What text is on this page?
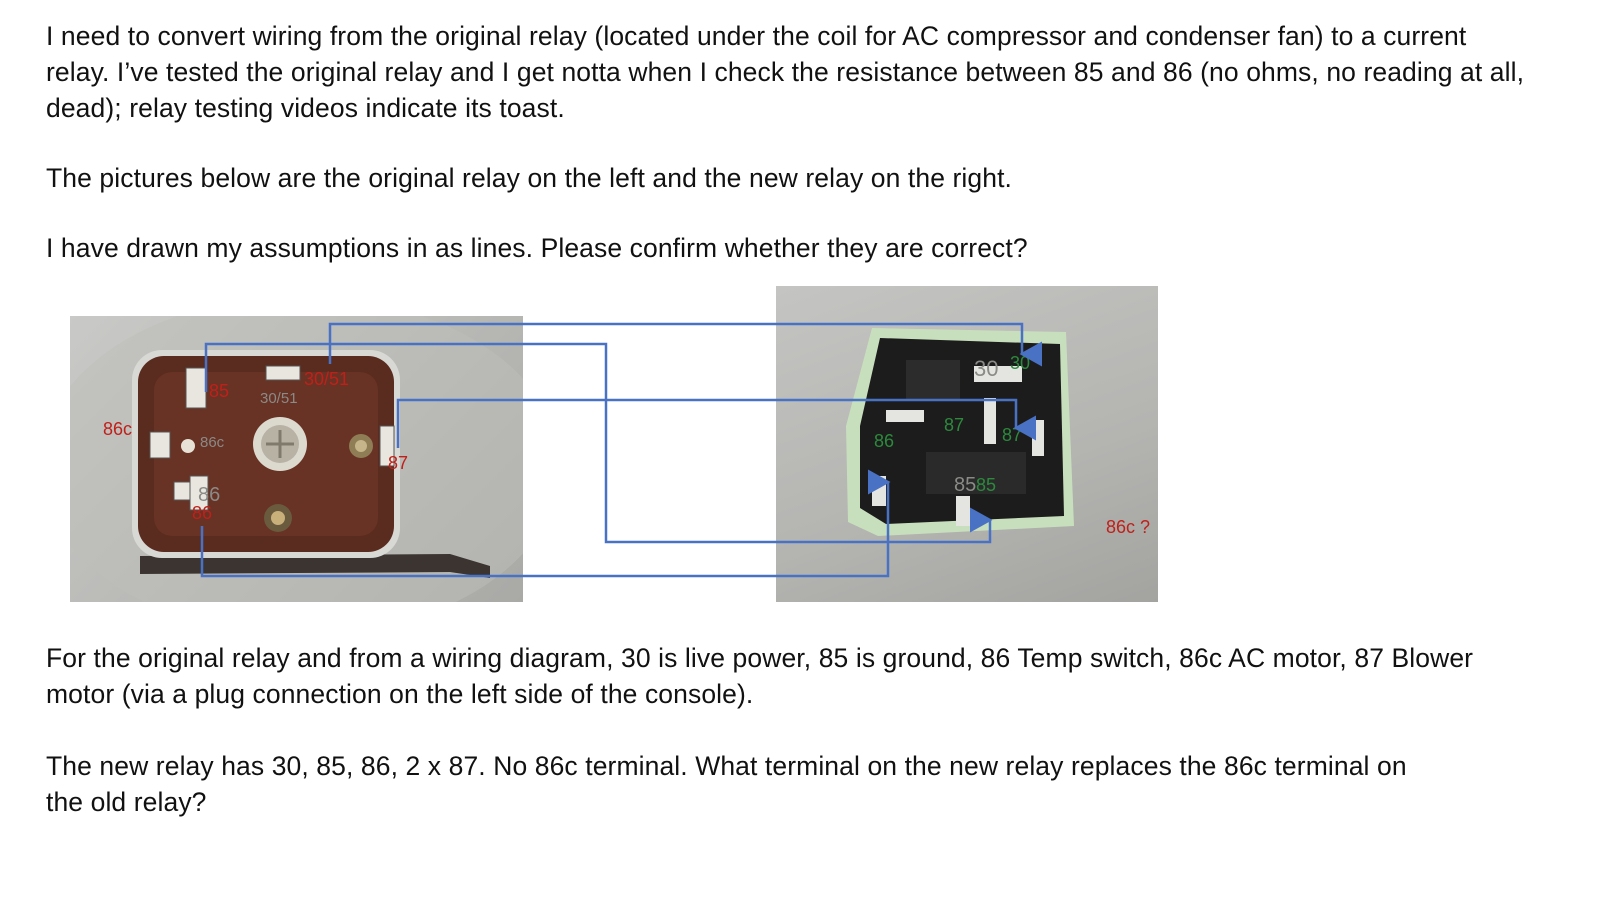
I need to convert wiring from the original relay (located under the coil for AC compressor and condenser fan) to a current relay. I’ve tested the original relay and I get notta when I check the resistance between 85 and 86 (no ohms, no reading at all, dead); relay testing videos indicate its toast.

The pictures below are the original relay on the left and the new relay on the right.

I have drawn my assumptions in as lines. Please confirm whether they are correct?

86c
85
30/51
30/51
86c
87
86
86
30 30
87 87
86
85 85
86c ?

For the original relay and from a wiring diagram, 30 is live power, 85 is ground, 86 Temp switch, 86c AC motor, 87 Blower motor (via a plug connection on the left side of the console).

The new relay has 30, 85, 86, 2 x 87. No 86c terminal. What terminal on the new relay replaces the 86c terminal on the old relay?
